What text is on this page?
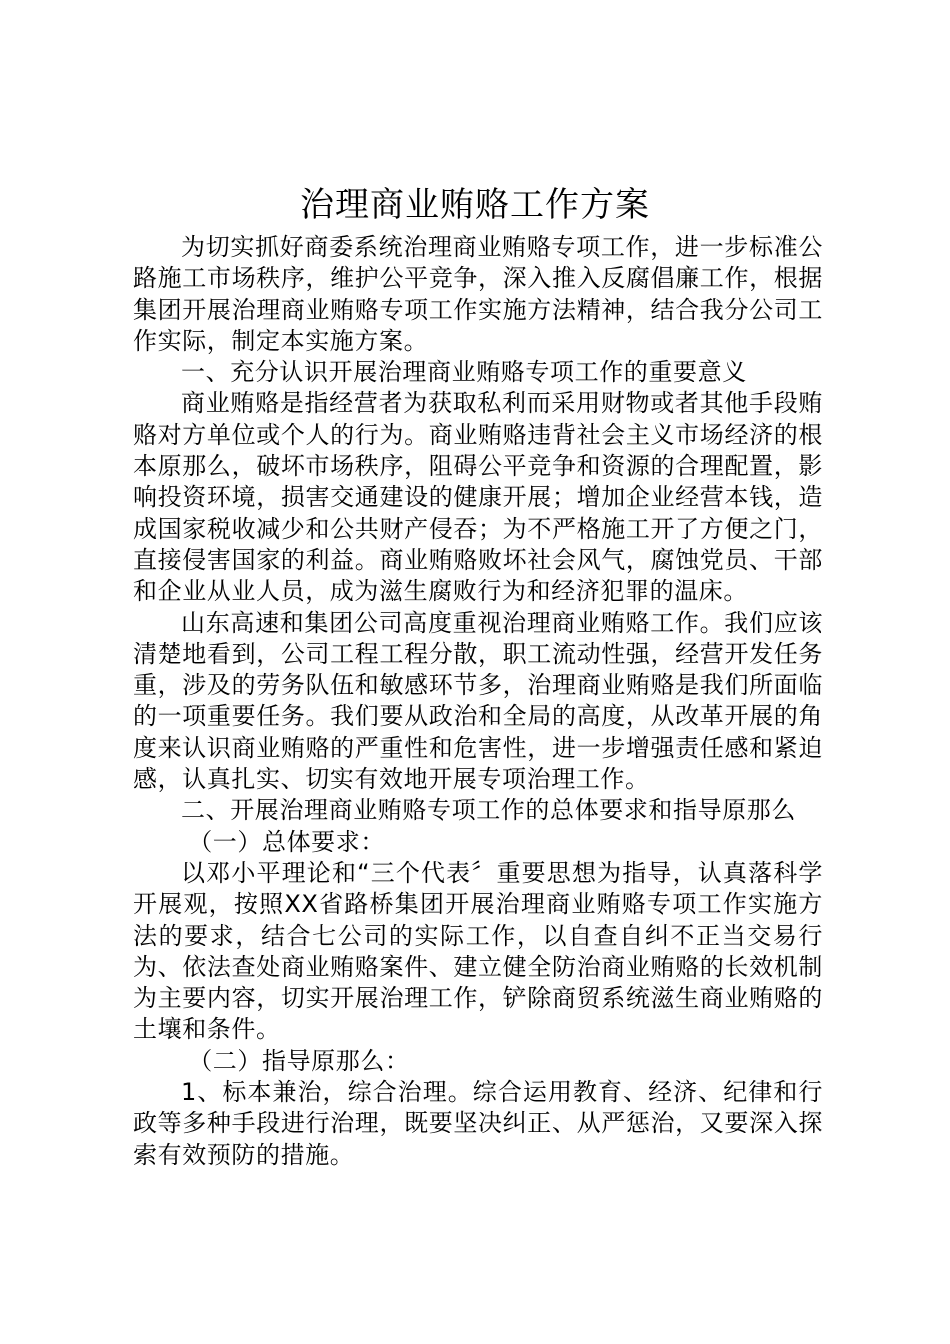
治理商业贿赂工作方案

为切实抓好商委系统治理商业贿赂专项工作，进一步标准公路施工市场秩序，维护公平竞争，深入推入反腐倡廉工作，根据集团开展治理商业贿赂专项工作实施方法精神，结合我分公司工作实际，制定本实施方案。

一、充分认识开展治理商业贿赂专项工作的重要意义

商业贿赂是指经营者为获取私利而采用财物或者其他手段贿赂对方单位或个人的行为。商业贿赂违背社会主义市场经济的根本原那么，破坏市场秩序，阻碍公平竞争和资源的合理配置，影响投资环境，损害交通建设的健康开展；增加企业经营本钱，造成国家税收减少和公共财产侵吞；为不严格施工开了方便之门，直接侵害国家的利益。商业贿赂败坏社会风气，腐蚀党员、干部和企业从业人员，成为滋生腐败行为和经济犯罪的温床。

山东高速和集团公司高度重视治理商业贿赂工作。我们应该清楚地看到，公司工程工程分散，职工流动性强，经营开发任务重，涉及的劳务队伍和敏感环节多，治理商业贿赂是我们所面临的一项重要任务。我们要从政治和全局的高度，从改革开展的角度来认识商业贿赂的严重性和危害性，进一步增强责任感和紧迫感，认真扎实、切实有效地开展专项治理工作。

二、开展治理商业贿赂专项工作的总体要求和指导原那么

（一）总体要求：

以邓小平理论和“三个代表〞重要思想为指导，认真落科学开展观，按照XX省路桥集团开展治理商业贿赂专项工作实施方法的要求，结合七公司的实际工作，以自查自纠不正当交易行为、依法查处商业贿赂案件、建立健全防治商业贿赂的长效机制为主要内容，切实开展治理工作，铲除商贸系统滋生商业贿赂的土壤和条件。

（二）指导原那么：

1、标本兼治，综合治理。综合运用教育、经济、纪律和行政等多种手段进行治理，既要坚决纠正、从严惩治，又要深入探索有效预防的措施。
